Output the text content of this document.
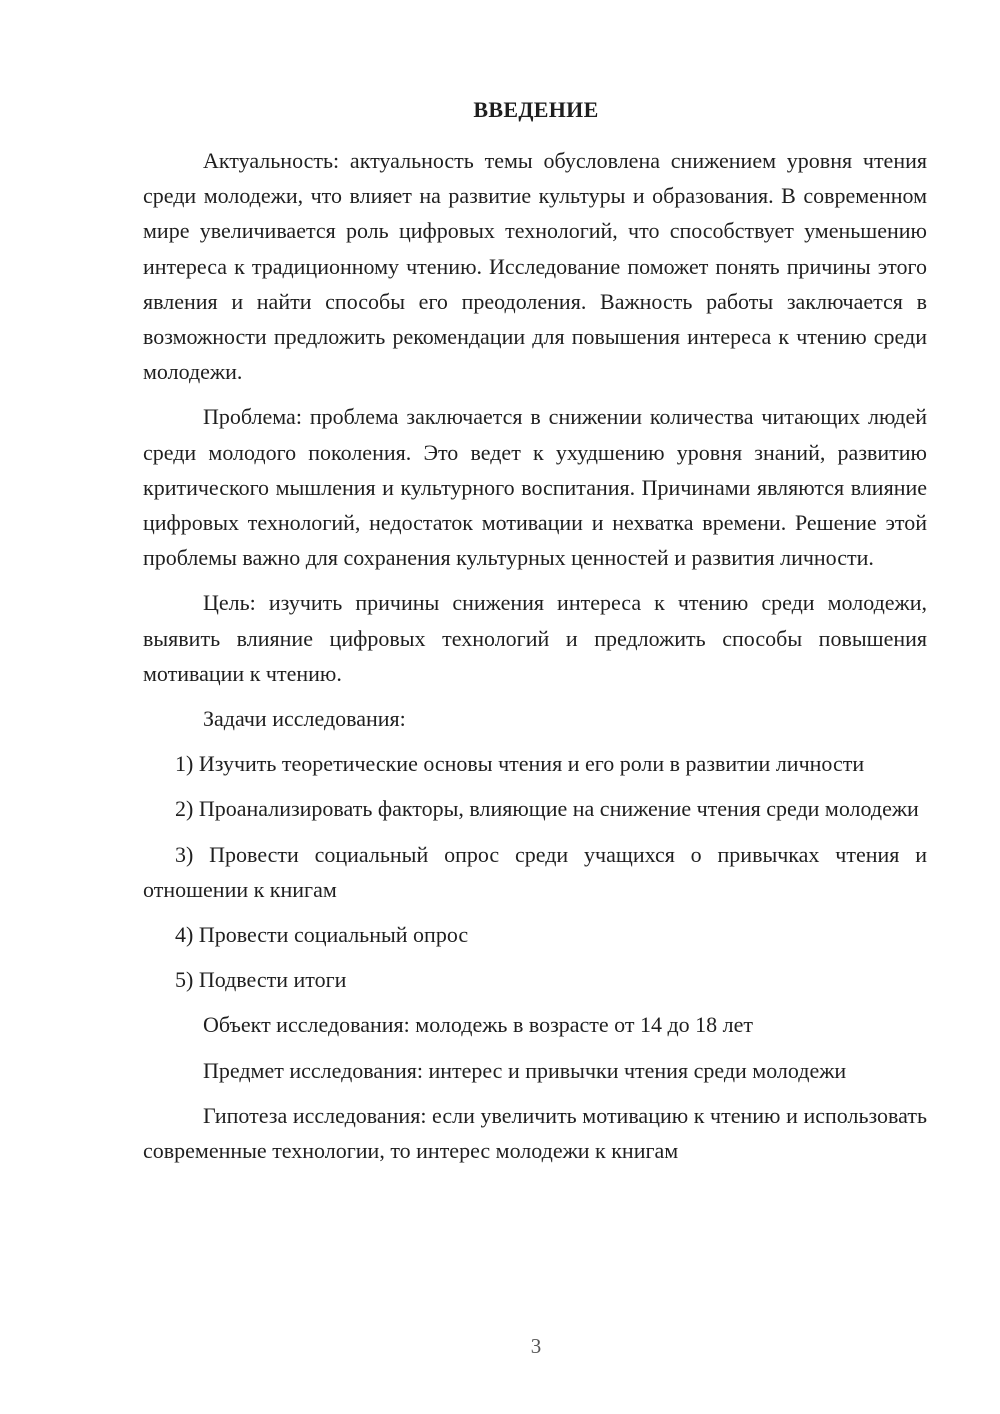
ВВЕДЕНИЕ

Актуальность: актуальность темы обусловлена снижением уровня чтения среди молодежи, что влияет на развитие культуры и образования. В современном мире увеличивается роль цифровых технологий, что способствует уменьшению интереса к традиционному чтению. Исследование поможет понять причины этого явления и найти способы его преодоления. Важность работы заключается в возможности предложить рекомендации для повышения интереса к чтению среди молодежи.

Проблема: проблема заключается в снижении количества читающих людей среди молодого поколения. Это ведет к ухудшению уровня знаний, развитию критического мышления и культурного воспитания. Причинами являются влияние цифровых технологий, недостаток мотивации и нехватка времени. Решение этой проблемы важно для сохранения культурных ценностей и развития личности.

Цель: изучить причины снижения интереса к чтению среди молодежи, выявить влияние цифровых технологий и предложить способы повышения мотивации к чтению.

Задачи исследования:

1) Изучить теоретические основы чтения и его роли в развитии личности

2) Проанализировать факторы, влияющие на снижение чтения среди молодежи

3) Провести социальный опрос среди учащихся о привычках чтения и отношении к книгам

4) Провести социальный опрос

5) Подвести итоги

Объект исследования: молодежь в возрасте от 14 до 18 лет

Предмет исследования: интерес и привычки чтения среди молодежи

Гипотеза исследования: если увеличить мотивацию к чтению и использовать современные технологии, то интерес молодежи к книгам

3
